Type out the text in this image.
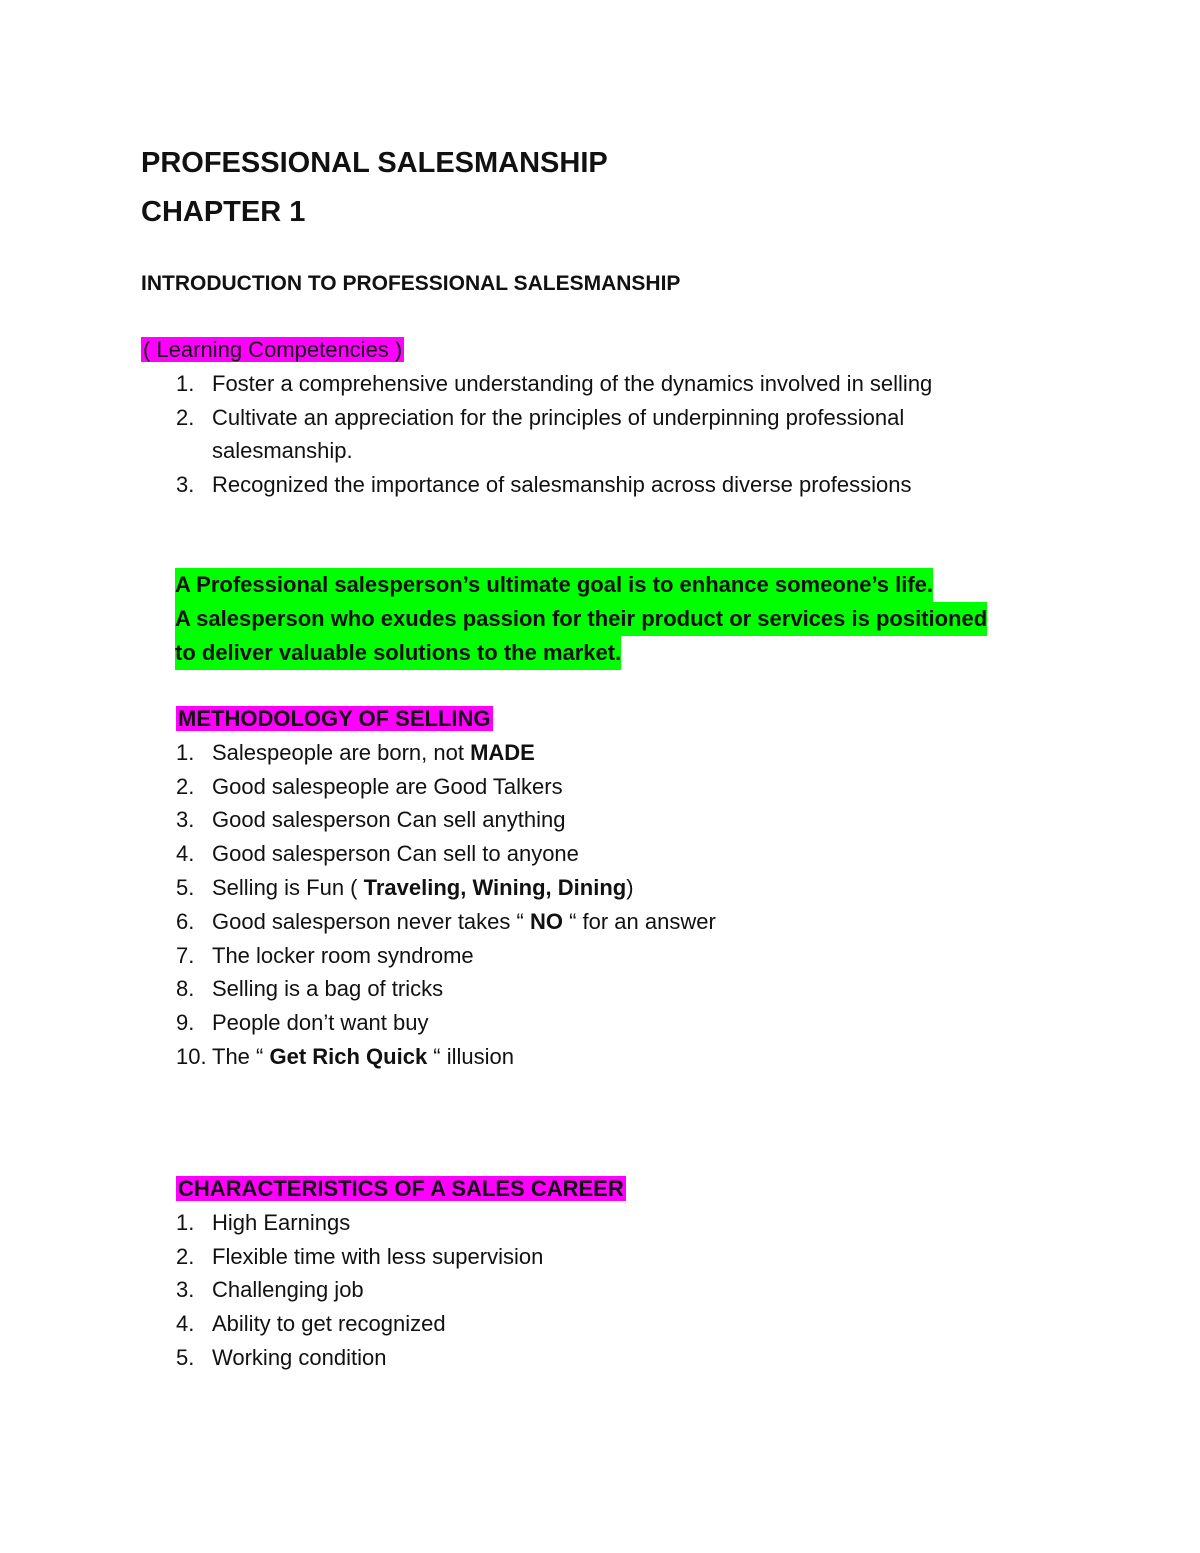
PROFESSIONAL SALESMANSHIP
CHAPTER 1
INTRODUCTION TO PROFESSIONAL SALESMANSHIP
( Learning Competencies )
1. Foster a comprehensive understanding of the dynamics involved in selling
2. Cultivate an appreciation for the principles of underpinning professional salesmanship.
3. Recognized the importance of salesmanship across diverse professions
A Professional salesperson’s ultimate goal is to enhance someone’s life.
A salesperson who exudes passion for their product or services is positioned
to deliver valuable solutions to the market.
METHODOLOGY OF SELLING
1. Salespeople are born, not MADE
2. Good salespeople are Good Talkers
3. Good salesperson Can sell anything
4. Good salesperson Can sell to anyone
5. Selling is Fun ( Traveling, Wining, Dining)
6. Good salesperson never takes “ NO “ for an answer
7. The locker room syndrome
8. Selling is a bag of tricks
9. People don’t want buy
10. The “ Get Rich Quick “ illusion
CHARACTERISTICS OF A SALES CAREER
1. High Earnings
2. Flexible time with less supervision
3. Challenging job
4. Ability to get recognized
5. Working condition
